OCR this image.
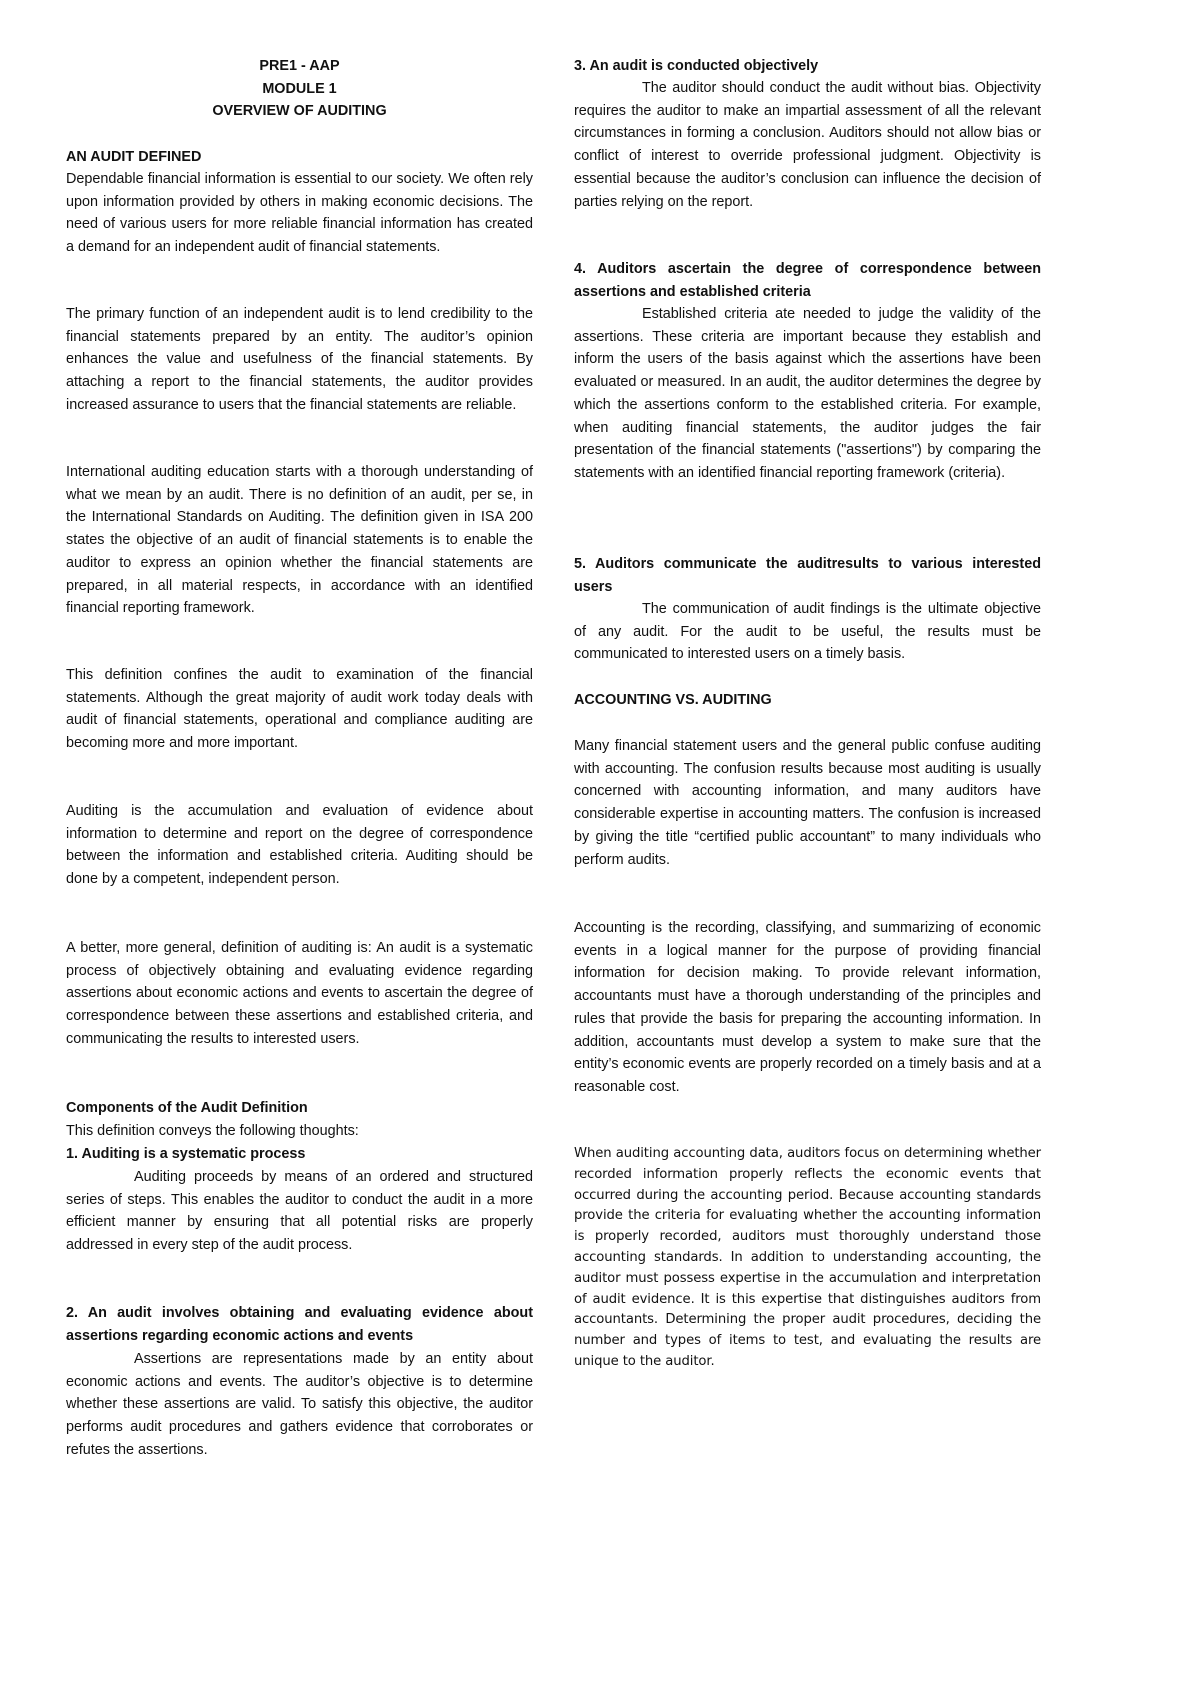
PRE1 - AAP
MODULE 1
OVERVIEW OF AUDITING

AN AUDIT DEFINED

Dependable financial information is essential to our society. We often rely upon information provided by others in making economic decisions. The need of various users for more reliable financial information has created a demand for an independent audit of financial statements.

The primary function of an independent audit is to lend credibility to the financial statements prepared by an entity. The auditor’s opinion enhances the value and usefulness of the financial statements. By attaching a report to the financial statements, the auditor provides increased assurance to users that the financial statements are reliable.

International auditing education starts with a thorough understanding of what we mean by an audit. There is no definition of an audit, per se, in the International Standards on Auditing. The definition given in ISA 200 states the objective of an audit of financial statements is to enable the auditor to express an opinion whether the financial statements are prepared, in all material respects, in accordance with an identified financial reporting framework.

This definition confines the audit to examination of the financial statements. Although the great majority of audit work today deals with audit of financial statements, operational and compliance auditing are becoming more and more important.

Auditing is the accumulation and evaluation of evidence about information to determine and report on the degree of correspondence between the information and established criteria. Auditing should be done by a competent, independent person.

A better, more general, definition of auditing is: An audit is a systematic process of objectively obtaining and evaluating evidence regarding assertions about economic actions and events to ascertain the degree of correspondence between these assertions and established criteria, and communicating the results to interested users.

Components of the Audit Definition

This definition conveys the following thoughts:

1. Auditing is a systematic process

Auditing proceeds by means of an ordered and structured series of steps. This enables the auditor to conduct the audit in a more efficient manner by ensuring that all potential risks are properly addressed in every step of the audit process.

2. An audit involves obtaining and evaluating evidence about assertions regarding economic actions and events

Assertions are representations made by an entity about economic actions and events. The auditor’s objective is to determine whether these assertions are valid. To satisfy this objective, the auditor performs audit procedures and gathers evidence that corroborates or refutes the assertions.

3. An audit is conducted objectively

The auditor should conduct the audit without bias. Objectivity requires the auditor to make an impartial assessment of all the relevant circumstances in forming a conclusion. Auditors should not allow bias or conflict of interest to override professional judgment. Objectivity is essential because the auditor’s conclusion can influence the decision of parties relying on the report.

4. Auditors ascertain the degree of correspondence between assertions and established criteria

Established criteria ate needed to judge the validity of the assertions. These criteria are important because they establish and inform the users of the basis against which the assertions have been evaluated or measured. In an audit, the auditor determines the degree by which the assertions conform to the established criteria. For example, when auditing financial statements, the auditor judges the fair presentation of the financial statements ("assertions") by comparing the statements with an identified financial reporting framework (criteria).

5. Auditors communicate the auditresults to various interested users

The communication of audit findings is the ultimate objective of any audit. For the audit to be useful, the results must be communicated to interested users on a timely basis.

ACCOUNTING VS. AUDITING

Many financial statement users and the general public confuse auditing with accounting. The confusion results because most auditing is usually concerned with accounting information, and many auditors have considerable expertise in accounting matters. The confusion is increased by giving the title “certified public accountant” to many individuals who perform audits.

Accounting is the recording, classifying, and summarizing of economic events in a logical manner for the purpose of providing financial information for decision making. To provide relevant information, accountants must have a thorough understanding of the principles and rules that provide the basis for preparing the accounting information. In addition, accountants must develop a system to make sure that the entity’s economic events are properly recorded on a timely basis and at a reasonable cost.

When auditing accounting data, auditors focus on determining whether recorded information properly reflects the economic events that occurred during the accounting period. Because accounting standards provide the criteria for evaluating whether the accounting information is properly recorded, auditors must thoroughly understand those accounting standards. In addition to understanding accounting, the auditor must possess expertise in the accumulation and interpretation of audit evidence. It is this expertise that distinguishes auditors from accountants. Determining the proper audit procedures, deciding the number and types of items to test, and evaluating the results are unique to the auditor.
